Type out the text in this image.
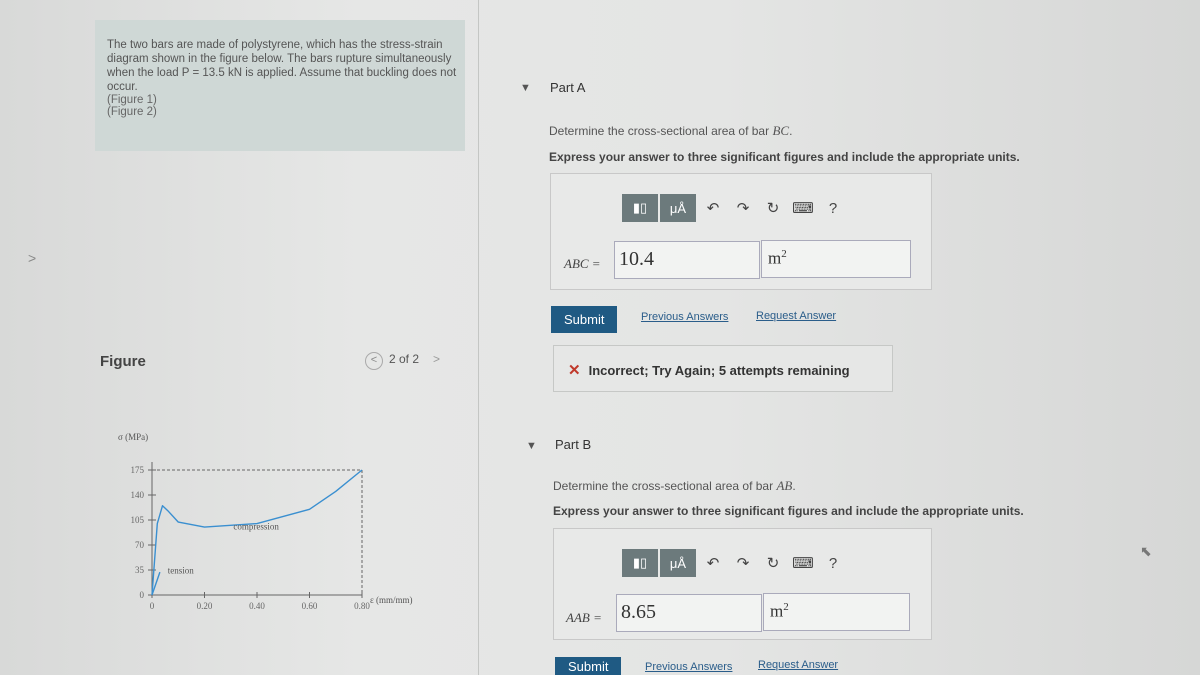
>
The two bars are made of polystyrene, which has the stress-strain diagram shown in the figure below. The bars rupture simultaneously when the load P = 13.5 kN is applied. Assume that buckling does not occur.
(Figure 1)
(Figure 2)
Figure	< 2 of 2 >
σ (MPa)
0
35
70
105
140
175
0	0.20	0.40	0.60	0.80
ε (mm/mm)
compression
tension
▼ Part A
Determine the cross-sectional area of bar BC.
Express your answer to three significant figures and include the appropriate units.
▮▯	μÅ	↶	↷	↻ ⌨	?
ABC = 10.4	$m^2$
Submit	Previous Answers	Request Answer
✕ Incorrect; Try Again; 5 attempts remaining
▼ Part B
Determine the cross-sectional area of bar AB.
Express your answer to three significant figures and include the appropriate units.
▮▯	μÅ	↶	↷	↻ ⌨	?
AAB = 8.65	$m^2$
Submit	Previous Answers Request Answer
⬉
